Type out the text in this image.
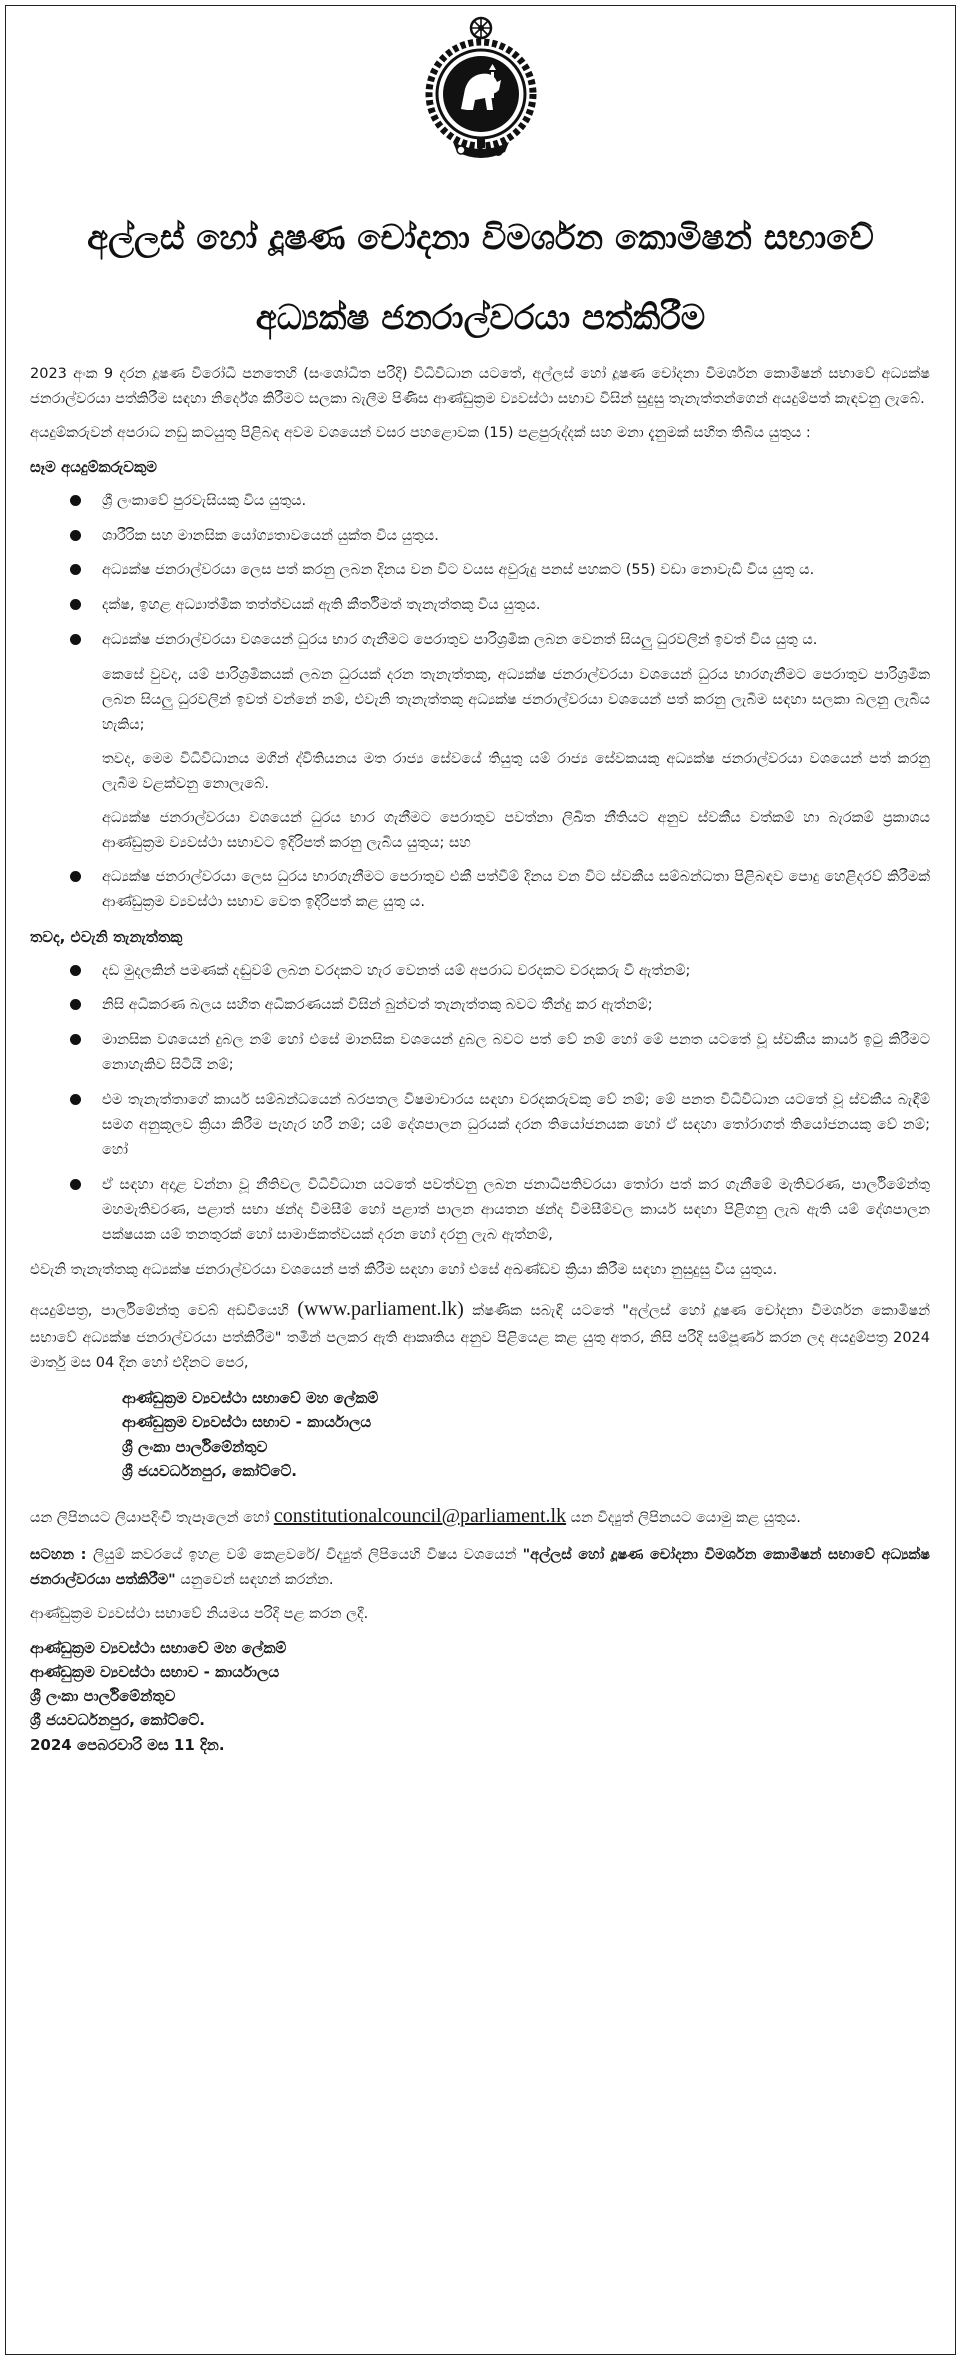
අල්ලස් හෝ දූෂණ චෝදනා විමර්ශන කොමිෂන් සභාවේ
අධ්‍යක්ෂ ජනරාල්වරයා පත්කිරීම

2023 අංක 9 දරන දූෂණ විරෝධී පනතෙහි (සංශෝධිත පරිදි) විධිවිධාන යටතේ, අල්ලස් හෝ දූෂණ චෝදනා විමර්ශන කොමිෂන් සභාවේ අධ්‍යක්ෂ ජනරාල්වරයා පත්කිරීම සඳහා නිර්දේශ කිරීමට සලකා බැලීම පිණිස ආණ්ඩුක්‍රම ව්‍යවස්ථා සභාව විසින් සුදුසු තැනැත්තන්ගෙන් අයදුම්පත් කැඳවනු ලැබේ.

අයදුම්කරුවන් අපරාධ නඩු කටයුතු පිළිබඳ අවම වශයෙන් වසර පහළොවක (15) පළපුරුද්දක් සහ මනා දැනුමක් සහිත තිබිය යුතුය :

සෑම අයදුම්කරුවකුම
ශ්‍රී ලංකාවේ පුරවැසියකු විය යුතුය.
ශාරීරික සහ මානසික යෝග්‍යතාවයෙන් යුක්ත විය යුතුය.
අධ්‍යක්ෂ ජනරාල්වරයා ලෙස පත් කරනු ලබන දිනය වන විට වයස අවුරුදු පනස් පහකට (55) වඩා නොවැඩි විය යුතු ය.
දක්ෂ, ඉහළ අධ්‍යාත්මික තත්ත්වයක් ඇති කීර්තිමත් තැනැත්තකු විය යුතුය.
අධ්‍යක්ෂ ජනරාල්වරයා වශයෙන් ධුරය භාර ගැනීමට පෙරාතුව පාරිශ්‍රමික ලබන වෙනත් සියලු ධුරවලින් ඉවත් විය යුතු ය.

කෙසේ වුවද, යම් පාරිශ්‍රමිකයක් ලබන ධුරයක් දරන තැනැත්තකු, අධ්‍යක්ෂ ජනරාල්වරයා වශයෙන් ධුරය භාරගැනීමට පෙරාතුව පාරිශ්‍රමික ලබන සියලු ධුරවලින් ඉවත් වන්නේ නම්, එවැනි තැනැත්තකු අධ්‍යක්ෂ ජනරාල්වරයා වශයෙන් පත් කරනු ලැබීම සඳහා සලකා බලනු ලැබිය හැකිය;

තවද, මෙම විධිවිධානය මගින් ද්විතියනය මත රාජ්‍ය සේවයේ තියුතු යම් රාජ්‍ය සේවකයකු අධ්‍යක්ෂ ජනරාල්වරයා වශයෙන් පත් කරනු ලැබීම වළක්වනු නොලැබේ.

අධ්‍යක්ෂ ජනරාල්වරයා වශයෙන් ධුරය භාර ගැනීමට පෙරාතුව පවත්නා ලිඛිත නීතියට අනුව ස්වකීය වත්කම් හා බැරකම් ප්‍රකාශය ආණ්ඩුක්‍රම ව්‍යවස්ථා සභාවට ඉදිරිපත් කරනු ලැබිය යුතුය; සහ

අධ්‍යක්ෂ ජනරාල්වරයා ලෙස ධුරය භාරගැනීමට පෙරාතුව එකී පත්වීම් දිනය වන විට ස්වකීය සම්බන්ධතා පිළිබඳව පොදු හෙළිදරව් කිරීමක් ආණ්ඩුක්‍රම ව්‍යවස්ථා සභාව වෙත ඉදිරිපත් කළ යුතු ය.
තවද, එවැනි තැනැත්තකු
දඩ මුදලකින් පමණක් දඬුවම් ලබන වරදකට හැර වෙනත් යම් අපරාධ වරදකට වරදකරු වී ඇත්නම්;
නිසි අධිකරණ බලය සහිත අධිකරණයක් විසින් බුන්වත් තැනැත්තකු බවට තීන්දු කර ඇත්නම්;
මානසික වශයෙන් දුබල නම් හෝ එසේ මානසික වශයෙන් දුබල බවට පත් වේ නම් හෝ මේ පනත යටතේ වූ ස්වකීය කාර්ය ඉටු කිරීමට නොහැකිව සිටියි නම්;
එම තැනැත්තාගේ කාර්ය සම්බන්ධයෙන් බරපතල විෂමාචාරය සඳහා වරදකරුවකු වේ නම්; මේ පනත විධිවිධාන යටතේ වූ ස්වකීය බැඳීම් සමග අනුකූලව ක්‍රියා කිරීම පැහැර හරී නම්; යම් දේශපාලන ධුරයක් දරන තියෝජනයක හෝ ඒ සඳහා තෝරාගත් තියෝජනයකු වේ නම්; හෝ
ඒ සඳහා අදාළ වන්නා වූ නීතිවල විධිවිධාන යටතේ පවත්වනු ලබන ජනාධිපතිවරයා තෝරා පත් කර ගැනීමේ මැතිවරණ, පාර්ලිමේන්තු මහමැතිවරණ, පළාත් සභා ඡන්ද විමසීම් හෝ පළාත් පාලන ආයතන ඡන්ද විමසීම්වල කාර්ය සඳහා පිළිගනු ලැබ ඇති යම් දේශපාලන පක්ෂයක යම් තනතුරක් හෝ සාමාජිකත්වයක් දරන හෝ දරනු ලැබ ඇත්නම්,

එවැනි තැනැත්තකු අධ්‍යක්ෂ ජනරාල්වරයා වශයෙන් පත් කිරීම සඳහා හෝ එසේ අඛණ්ඩව ක්‍රියා කිරීම සඳහා නුසුදුසු විය යුතුය.

අයදුම්පත්‍ර, පාර්ලිමේන්තු වෙබ් අඩවියෙහි (www.parliament.lk) ක්ෂණික සබැඳි යටතේ "අල්ලස් හෝ දූෂණ චෝදනා විමර්ශන කොමිෂන් සභාවේ අධ්‍යක්ෂ ජනරාල්වරයා පත්කිරීම" තමින් පලකර ඇති ආකෘතිය අනුව පිළියෙළ කළ යුතු අතර, නිසි පරිදි සම්පූර්ණ කරන ලද අයදුම්පත්‍ර 2024 මාර්තු මස 04 දින හෝ එදිනට පෙර,

ආණ්ඩුක්‍රම ව්‍යවස්ථා සභාවේ මහ ලේකම්
ආණ්ඩුක්‍රම ව්‍යවස්ථා සභාව - කාර්යාලය
ශ්‍රී ලංකා පාර්ලිමේන්තුව
ශ්‍රී ජයවර්ධනපුර, කෝට්ටේ.

යන ලිපිනයට ලියාපදිංචි තැපෑලෙන් හෝ constitutionalcouncil@parliament.lk යන විද්‍යුත් ලිපිනයට යොමු කළ යුතුය.

සටහන : ලියුම් කවරයේ ඉහළ වම් කෙළවරේ/ විද්‍යුත් ලිපියෙහි විෂය වශයෙන් "අල්ලස් හෝ දූෂණ චෝදනා විමර්ශන කොමිෂන් සභාවේ අධ්‍යක්ෂ ජනරාල්වරයා පත්කිරීම" යනුවෙන් සඳහන් කරන්න.

ආණ්ඩුක්‍රම ව්‍යවස්ථා සභාවේ නියමය පරිදි පළ කරන ලදී.

ආණ්ඩුක්‍රම ව්‍යවස්ථා සභාවේ මහ ලේකම්
ආණ්ඩුක්‍රම ව්‍යවස්ථා සභාව - කාර්යාලය
ශ්‍රී ලංකා පාර්ලිමේන්තුව
ශ්‍රී ජයවර්ධනපුර, කෝට්ටේ.
2024 පෙබරවාරි මස 11 දින.
